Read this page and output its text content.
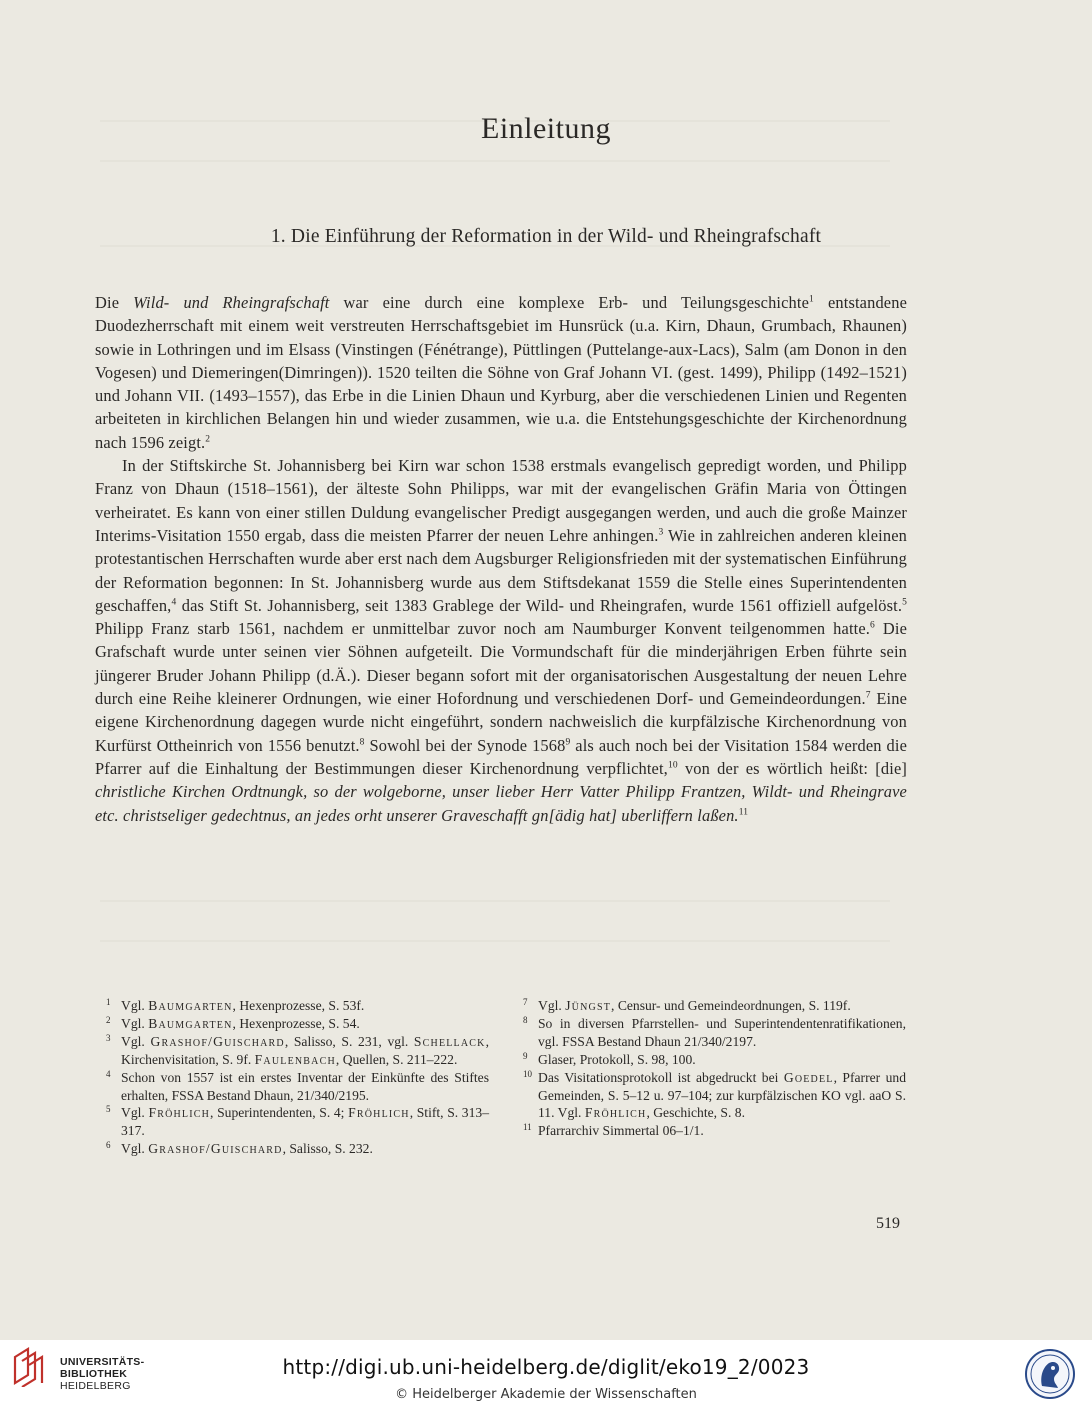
Einleitung
1. Die Einführung der Reformation in der Wild- und Rheingrafschaft

Die Wild- und Rheingrafschaft war eine durch eine komplexe Erb- und Teilungsgeschichte$^1$ entstandene Duodezherrschaft mit einem weit verstreuten Herrschaftsgebiet im Hunsrück (u.a. Kirn, Dhaun, Grumbach, Rhaunen) sowie in Lothringen und im Elsass (Vinstingen (Fénétrange), Püttlingen (Puttelange-aux-Lacs), Salm (am Donon in den Vogesen) und Diemeringen(Dimringen)). 1520 teilten die Söhne von Graf Johann VI. (gest. 1499), Philipp (1492–1521) und Johann VII. (1493–1557), das Erbe in die Linien Dhaun und Kyrburg, aber die verschiedenen Linien und Regenten arbeiteten in kirchlichen Belangen hin und wieder zusammen, wie u.a. die Entstehungsgeschichte der Kirchenordnung nach 1596 zeigt.$^2$

In der Stiftskirche St. Johannisberg bei Kirn war schon 1538 erstmals evangelisch gepredigt worden, und Philipp Franz von Dhaun (1518–1561), der älteste Sohn Philipps, war mit der evangelischen Gräfin Maria von Öttingen verheiratet. Es kann von einer stillen Duldung evangelischer Predigt ausgegangen werden, und auch die große Mainzer Interims-Visitation 1550 ergab, dass die meisten Pfarrer der neuen Lehre anhingen.$^3$ Wie in zahlreichen anderen kleinen protestantischen Herrschaften wurde aber erst nach dem Augsburger Religionsfrieden mit der systematischen Einführung der Reformation begonnen: In St. Johannisberg wurde aus dem Stiftsdekanat 1559 die Stelle eines Superintendenten geschaffen,$^4$ das Stift St. Johannisberg, seit 1383 Grablege der Wild- und Rheingrafen, wurde 1561 offiziell aufgelöst.$^5$ Philipp Franz starb 1561, nachdem er unmittelbar zuvor noch am Naumburger Konvent teilgenommen hatte.$^6$ Die Grafschaft wurde unter seinen vier Söhnen aufgeteilt. Die Vormundschaft für die minderjährigen Erben führte sein jüngerer Bruder Johann Philipp (d.Ä.). Dieser begann sofort mit der organisatorischen Ausgestaltung der neuen Lehre durch eine Reihe kleinerer Ordnungen, wie einer Hofordnung und verschiedenen Dorf- und Gemeindeordungen.$^7$ Eine eigene Kirchenordnung dagegen wurde nicht eingeführt, sondern nachweislich die kurpfälzische Kirchenordnung von Kurfürst Ottheinrich von 1556 benutzt.$^8$ Sowohl bei der Synode 1568$^9$ als auch noch bei der Visitation 1584 werden die Pfarrer auf die Einhaltung der Bestimmungen dieser Kirchenordnung verpflichtet,$^{10}$ von der es wörtlich heißt: [die] christliche Kirchen Ordtnungk, so der wolgeborne, unser lieber Herr Vatter Philipp Frantzen, Wildt- und Rheingrave etc. christseliger gedechtnus, an jedes orht unserer Graveschafft gn[ädig hat] uberliffern laßen.$^{11}$

1 Vgl. Baumgarten, Hexenprozesse, S. 53f.
2 Vgl. Baumgarten, Hexenprozesse, S. 54.
3 Vgl. Grashof/Guischard, Salisso, S. 231, vgl. Schellack, Kirchenvisitation, S. 9f. Faulenbach, Quellen, S. 211–222.
4 Schon von 1557 ist ein erstes Inventar der Einkünfte des Stiftes erhalten, FSSA Bestand Dhaun, 21/340/2195.
5 Vgl. Fröhlich, Superintendenten, S. 4; Fröhlich, Stift, S. 313–317.
6 Vgl. Grashof/Guischard, Salisso, S. 232.
7 Vgl. Jüngst, Censur- und Gemeindeordnungen, S. 119f.
8 So in diversen Pfarrstellen- und Superintendentenratifikationen, vgl. FSSA Bestand Dhaun 21/340/2197.
9 Glaser, Protokoll, S. 98, 100.
10 Das Visitationsprotokoll ist abgedruckt bei Goedel, Pfarrer und Gemeinden, S. 5–12 u. 97–104; zur kurpfälzischen KO vgl. aaO S. 11. Vgl. Fröhlich, Geschichte, S. 8.
11 Pfarrarchiv Simmertal 06–1/1.
519
UNIVERSITÄTS-
BIBLIOTHEK
HEIDELBERG
http://digi.ub.uni-heidelberg.de/diglit/eko19_2/0023
© Heidelberger Akademie der Wissenschaften
